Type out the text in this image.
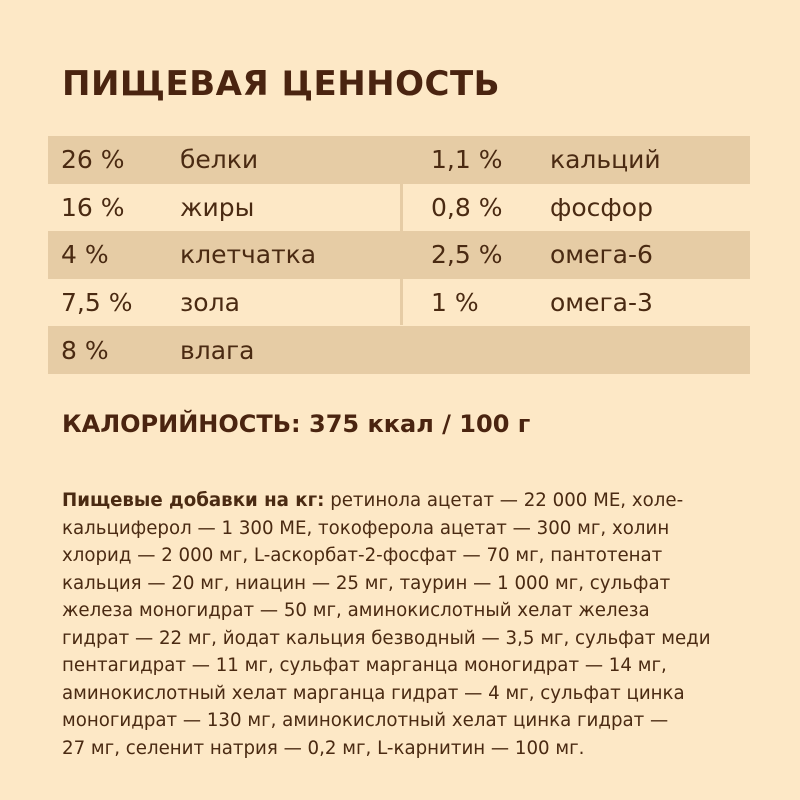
ПИЩЕВАЯ ЦЕННОСТЬ
26 % белки	1,1 % кальций
16 % жиры	0,8 % фосфор
4 %	клетчатка	2,5 % омега-6
7,5 % зола	1 %	омега-3
8 %	влага
КАЛОРИЙНОСТЬ: 375 ккал / 100 г
Пищевые добавки на кг: ретинола ацетат — 22 000 МЕ, холе-
кальциферол — 1 300 МЕ, токоферола ацетат — 300 мг, холин
хлорид — 2 000 мг, L-аскорбат-2-фосфат — 70 мг, пантотенат
кальция — 20 мг, ниацин — 25 мг, таурин — 1 000 мг, сульфат
железа моногидрат — 50 мг, аминокислотный хелат железа
гидрат — 22 мг, йодат кальция безводный — 3,5 мг, сульфат меди
пентагидрат — 11 мг, сульфат марганца моногидрат — 14 мг,
аминокислотный хелат марганца гидрат — 4 мг, сульфат цинка
моногидрат — 130 мг, аминокислотный хелат цинка гидрат —
27 мг, селенит натрия — 0,2 мг, L-карнитин — 100 мг.
